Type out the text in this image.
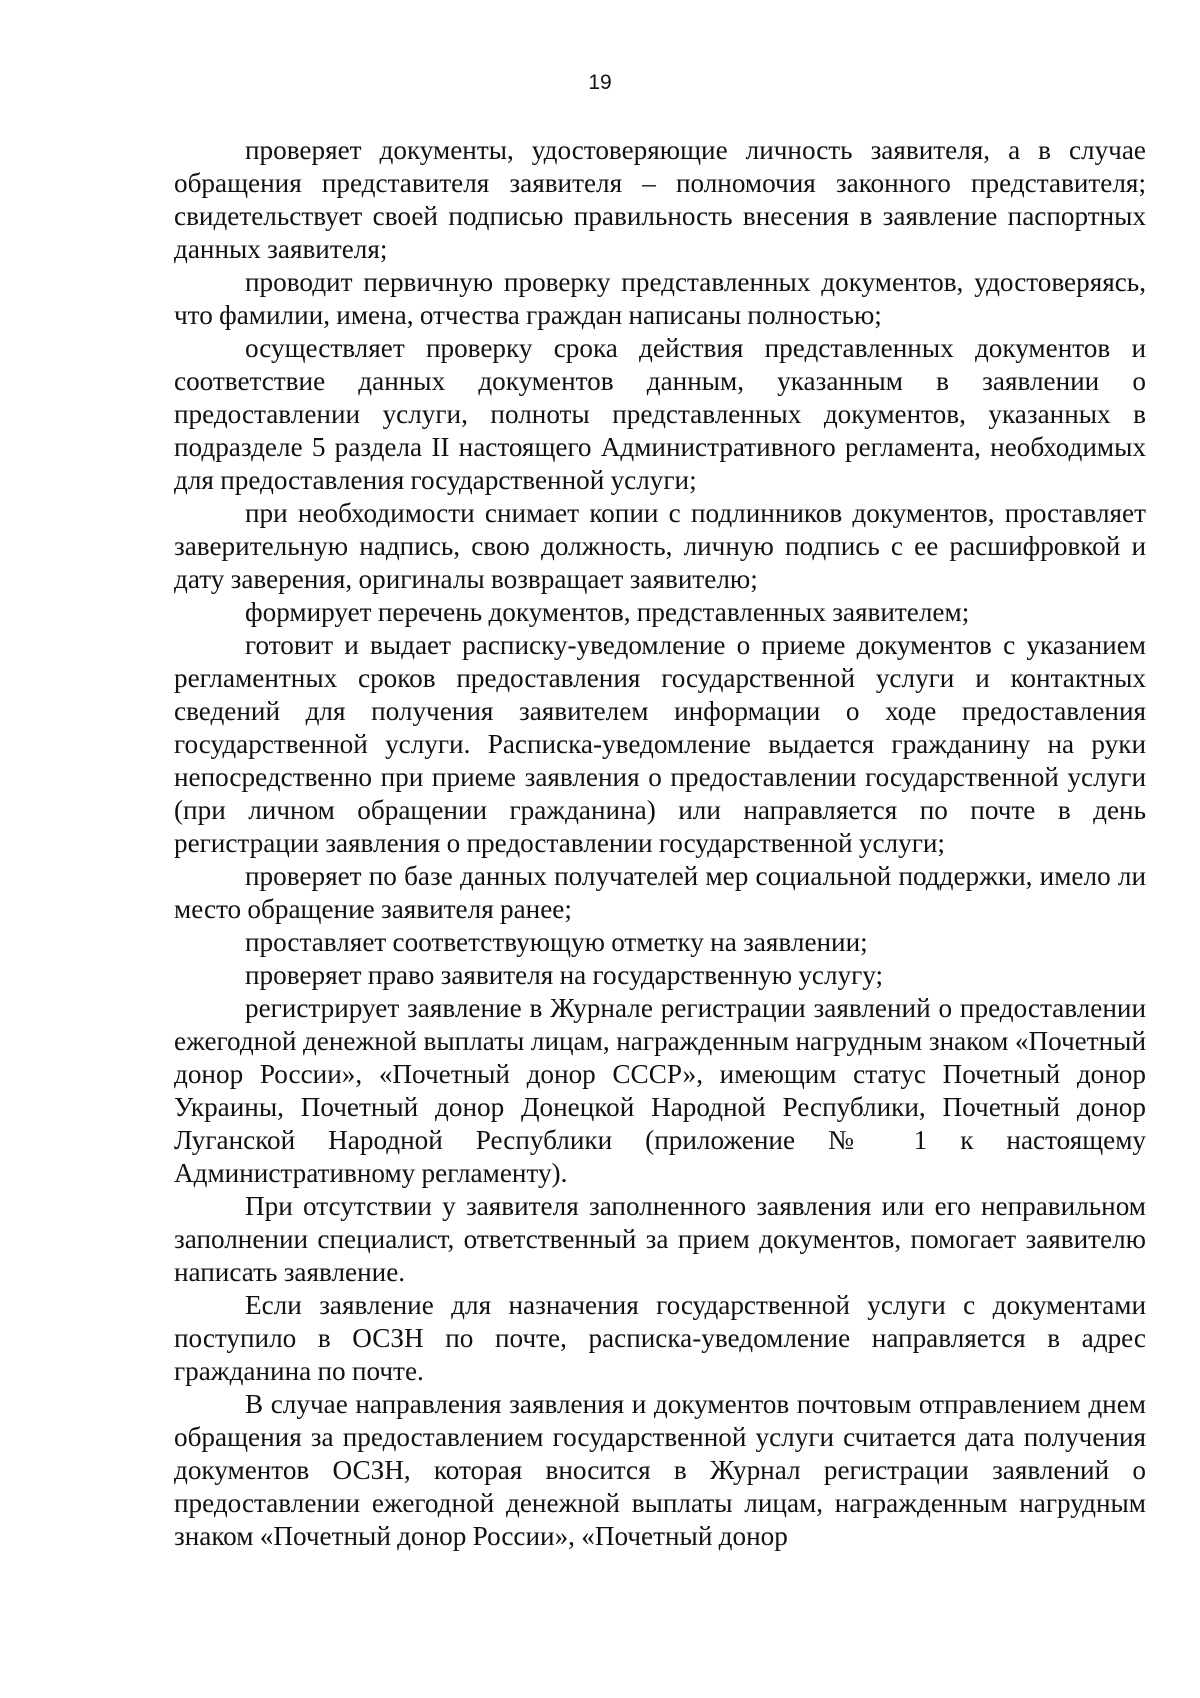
19

проверяет документы, удостоверяющие личность заявителя, а в случае обращения представителя заявителя – полномочия законного представителя; свидетельствует своей подписью правильность внесения в заявление паспортных данных заявителя;

проводит первичную проверку представленных документов, удостоверяясь, что фамилии, имена, отчества граждан написаны полностью;

осуществляет проверку срока действия представленных документов и соответствие данных документов данным, указанным в заявлении о предоставлении услуги, полноты представленных документов, указанных в подразделе 5 раздела II настоящего Административного регламента, необходимых для предоставления государственной услуги;

при необходимости снимает копии с подлинников документов, проставляет заверительную надпись, свою должность, личную подпись с ее расшифровкой и дату заверения, оригиналы возвращает заявителю;

формирует перечень документов, представленных заявителем;

готовит и выдает расписку-уведомление о приеме документов с указанием регламентных сроков предоставления государственной услуги и контактных сведений для получения заявителем информации о ходе предоставления государственной услуги. Расписка-уведомление выдается гражданину на руки непосредственно при приеме заявления о предоставлении государственной услуги (при личном обращении гражданина) или направляется по почте в день регистрации заявления о предоставлении государственной услуги;

проверяет по базе данных получателей мер социальной поддержки, имело ли место обращение заявителя ранее;

проставляет соответствующую отметку на заявлении;

проверяет право заявителя на государственную услугу;

регистрирует заявление в Журнале регистрации заявлений о предоставлении ежегодной денежной выплаты лицам, награжденным нагрудным знаком «Почетный донор России», «Почетный донор СССР», имеющим статус Почетный донор Украины, Почетный донор Донецкой Народной Республики, Почетный донор Луганской Народной Республики (приложение № 1 к настоящему Административному регламенту).

При отсутствии у заявителя заполненного заявления или его неправильном заполнении специалист, ответственный за прием документов, помогает заявителю написать заявление.

Если заявление для назначения государственной услуги с документами поступило в ОСЗН по почте, расписка-уведомление направляется в адрес гражданина по почте.

В случае направления заявления и документов почтовым отправлением днем обращения за предоставлением государственной услуги считается дата получения документов ОСЗН, которая вносится в Журнал регистрации заявлений о предоставлении ежегодной денежной выплаты лицам, награжденным нагрудным знаком «Почетный донор России», «Почетный донор
